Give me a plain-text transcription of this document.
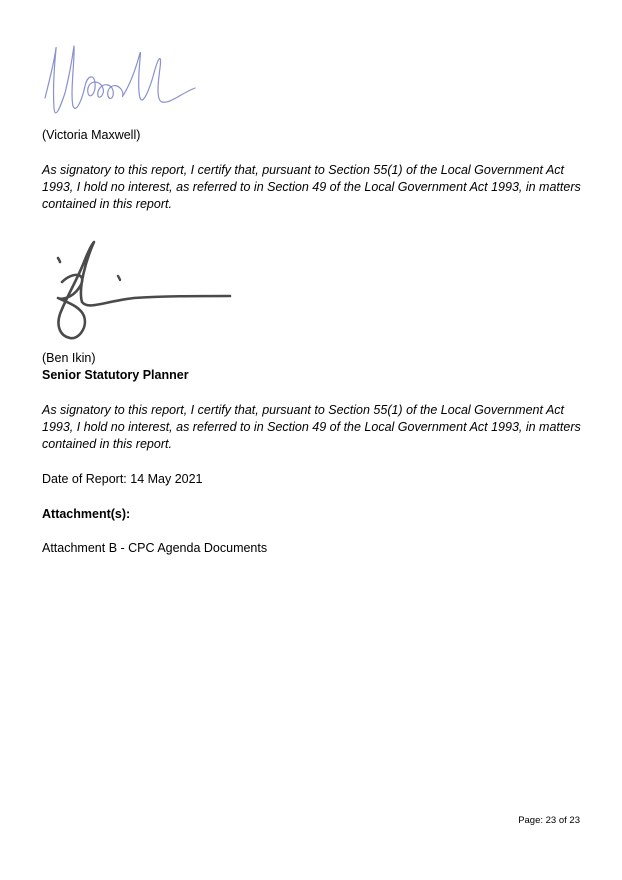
(Victoria Maxwell)

As signatory to this report, I certify that, pursuant to Section 55(1) of the Local Government Act 1993, I hold no interest, as referred to in Section 49 of the Local Government Act 1993, in matters contained in this report.

(Ben Ikin)

Senior Statutory Planner

As signatory to this report, I certify that, pursuant to Section 55(1) of the Local Government Act 1993, I hold no interest, as referred to in Section 49 of the Local Government Act 1993, in matters contained in this report.

Date of Report: 14 May 2021

Attachment(s):

Attachment B - CPC Agenda Documents

Page: 23 of 23
